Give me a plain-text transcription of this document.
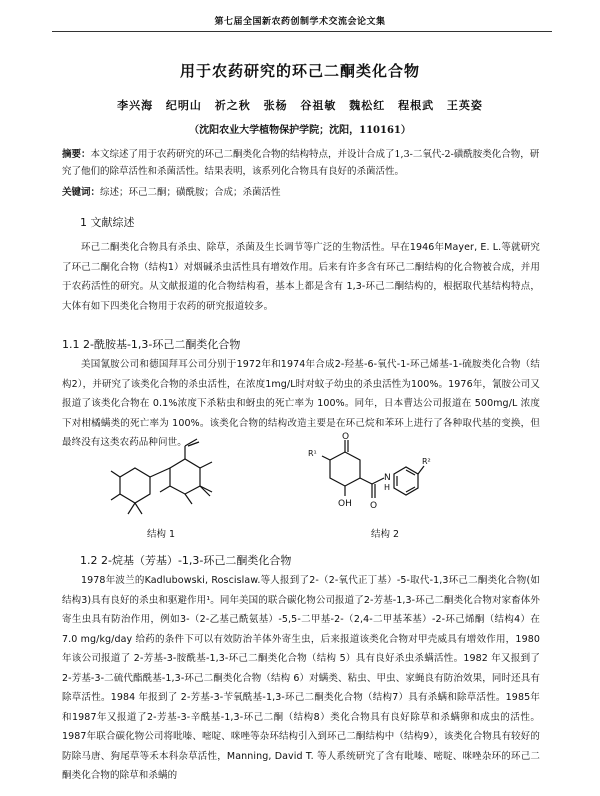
第七届全国新农药创制学术交流会论文集
用于农药研究的环己二酮类化合物
李兴海 纪明山 祈之秋 张杨 谷祖敏 魏松红 程根武 王英姿
（沈阳农业大学植物保护学院；沈阳，110161）
摘要：本文综述了用于农药研究的环己二酮类化合物的结构特点，并设计合成了1,3-二氧代-2-磺酰胺类化合物，研究了他们的除草活性和杀菌活性。结果表明，该系列化合物具有良好的杀菌活性。
关键词：综述；环己二酮；磺酰胺；合成；杀菌活性
1 文献综述
环己二酮类化合物具有杀虫、除草，杀菌及生长调节等广泛的生物活性。早在1946年Mayer, E. L.等就研究了环己二酮化合物（结构1）对烟碱杀虫活性具有增效作用。后来有许多含有环己二酮结构的化合物被合成，并用于农药活性的研究。从文献报道的化合物结构看，基本上都是含有 1,3-环己二酮结构的，根据取代基结构特点，大体有如下四类化合物用于农药的研究报道较多。
1.1 2-酰胺基-1,3-环己二酮类化合物
美国氰胺公司和德国拜耳公司分别于1972年和1974年合成2-羟基-6-氧代-1-环己烯基-1-硫胺类化合物（结构2），并研究了该类化合物的杀虫活性，在浓度1mg/L时对蚊子幼虫的杀虫活性为100%。1976年，氰胺公司又报道了该类化合物在 0.1%浓度下杀粘虫和蚜虫的死亡率为 100%。同年，日本曹达公司报道在 500mg/L 浓度下对柑橘螨类的死亡率为 100%。该类化合物的结构改造主要是在环己烷和苯环上进行了各种取代基的变换，但最终没有这类农药品种问世。
结构 1
R¹
R²
O
OH O
N
H
结构 2
1.2 2-烷基（芳基）-1,3-环己二酮类化合物
1978年波兰的Kadlubowski, Roscislaw.等人报到了2-（2-氧代正丁基）-5-取代-1,3环己二酮类化合物(如结构3)具有良好的杀虫和驱避作用¹。同年美国的联合碳化物公司报道了2-芳基-1,3-环己二酮类化合物对家畜体外寄生虫具有防治作用，例如3-（2-乙基己酰氨基）-5,5-二甲基-2-（2,4-二甲基苯基）-2-环己烯酮（结构4）在 7.0 mg/kg/day 给药的条件下可以有效防治羊体外寄生虫，后来报道该类化合物对甲壳威具有增效作用，1980 年该公司报道了 2-芳基-3-胺酰基-1,3-环己二酮类化合物（结构 5）具有良好杀虫杀螨活性。1982 年又报到了 2-芳基-3-二硫代酯酰基-1,3-环己二酮类化合物（结构 6）对螨类、粘虫、甲虫、家蝇良有防治效果，同时还具有除草活性。1984 年报到了 2-芳基-3-苄氧酰基-1,3-环己二酮类化合物（结构7）具有杀螨和除草活性。1985年和1987年又报道了2-芳基-3-辛酰基-1,3-环己二酮（结构8）类化合物具有良好除草和杀螨卵和成虫的活性。1987年联合碳化物公司将吡嗪、嘧啶、咪唑等杂环结构引入到环己二酮结构中（结构9），该类化合物具有较好的防除马唐、狗尾草等禾本科杂草活性，Manning, David T. 等人系统研究了含有吡嗪、嘧啶、咪唑杂环的环己二酮类化合物的除草和杀螨的
